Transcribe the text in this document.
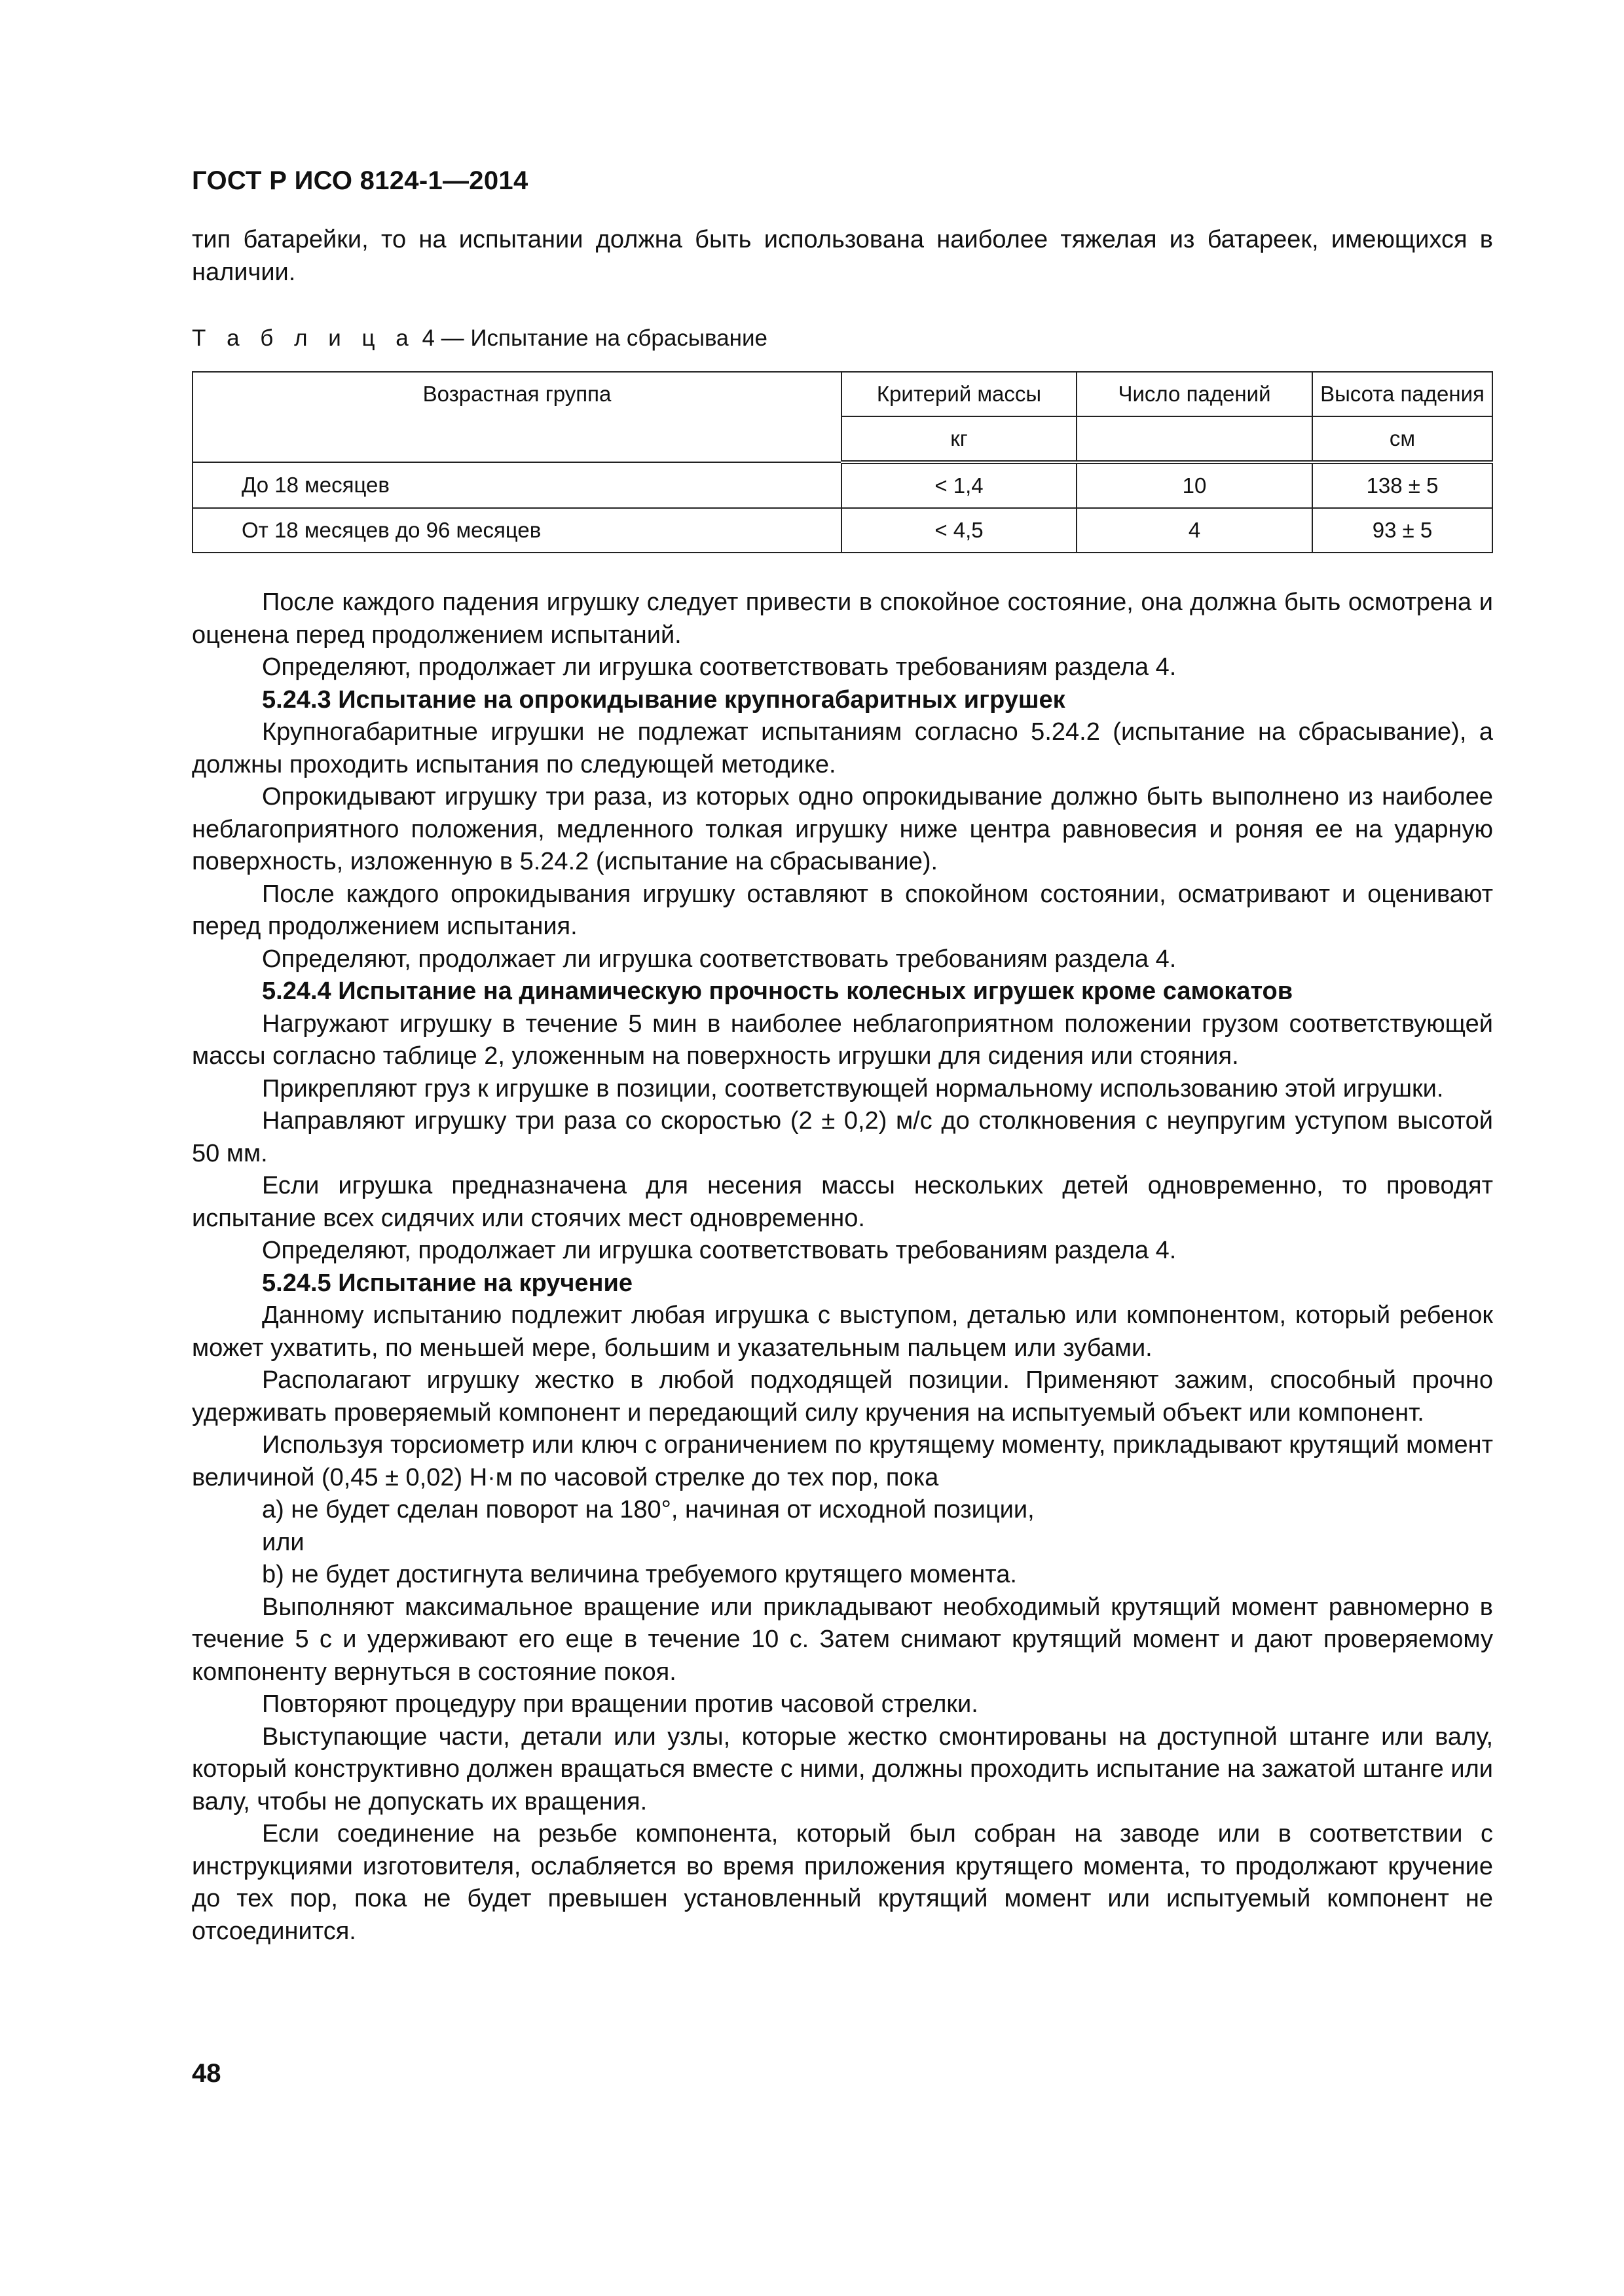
ГОСТ Р ИСО 8124-1—2014

тип батарейки, то на испытании должна быть использована наиболее тяжелая из батареек, имеющихся в наличии.

Т а б л и ц а 4 — Испытание на сбрасывание
Возрастная группа	Критерий массы	Число падений	Высота падения
	кг		см
До 18 месяцев	< 1,4	10	138 ± 5
От 18 месяцев до 96 месяцев	< 4,5	4	93 ± 5

После каждого падения игрушку следует привести в спокойное состояние, она должна быть осмотрена и оценена перед продолжением испытаний.

Определяют, продолжает ли игрушка соответствовать требованиям раздела 4.

5.24.3 Испытание на опрокидывание крупногабаритных игрушек

Крупногабаритные игрушки не подлежат испытаниям согласно 5.24.2 (испытание на сбрасывание), а должны проходить испытания по следующей методике.

Опрокидывают игрушку три раза, из которых одно опрокидывание должно быть выполнено из наиболее неблагоприятного положения, медленного толкая игрушку ниже центра равновесия и роняя ее на ударную поверхность, изложенную в 5.24.2 (испытание на сбрасывание).

После каждого опрокидывания игрушку оставляют в спокойном состоянии, осматривают и оценивают перед продолжением испытания.

Определяют, продолжает ли игрушка соответствовать требованиям раздела 4.

5.24.4 Испытание на динамическую прочность колесных игрушек кроме самокатов

Нагружают игрушку в течение 5 мин в наиболее неблагоприятном положении грузом соответствующей массы согласно таблице 2, уложенным на поверхность игрушки для сидения или стояния.

Прикрепляют груз к игрушке в позиции, соответствующей нормальному использованию этой игрушки.

Направляют игрушку три раза со скоростью (2 ± 0,2) м/с до столкновения с неупругим уступом высотой 50 мм.

Если игрушка предназначена для несения массы нескольких детей одновременно, то проводят испытание всех сидячих или стоячих мест одновременно.

Определяют, продолжает ли игрушка соответствовать требованиям раздела 4.

5.24.5 Испытание на кручение

Данному испытанию подлежит любая игрушка с выступом, деталью или компонентом, который ребенок может ухватить, по меньшей мере, большим и указательным пальцем или зубами.

Располагают игрушку жестко в любой подходящей позиции. Применяют зажим, способный прочно удерживать проверяемый компонент и передающий силу кручения на испытуемый объект или компонент.

Используя торсиометр или ключ с ограничением по крутящему моменту, прикладывают крутящий момент величиной (0,45 ± 0,02) Н·м по часовой стрелке до тех пор, пока

a) не будет сделан поворот на 180°, начиная от исходной позиции,

или

b) не будет достигнута величина требуемого крутящего момента.

Выполняют максимальное вращение или прикладывают необходимый крутящий момент равномерно в течение 5 с и удерживают его еще в течение 10 с. Затем снимают крутящий момент и дают проверяемому компоненту вернуться в состояние покоя.

Повторяют процедуру при вращении против часовой стрелки.

Выступающие части, детали или узлы, которые жестко смонтированы на доступной штанге или валу, который конструктивно должен вращаться вместе с ними, должны проходить испытание на зажатой штанге или валу, чтобы не допускать их вращения.

Если соединение на резьбе компонента, который был собран на заводе или в соответствии с инструкциями изготовителя, ослабляется во время приложения крутящего момента, то продолжают кручение до тех пор, пока не будет превышен установленный крутящий момент или испытуемый компонент не отсоединится.

48
